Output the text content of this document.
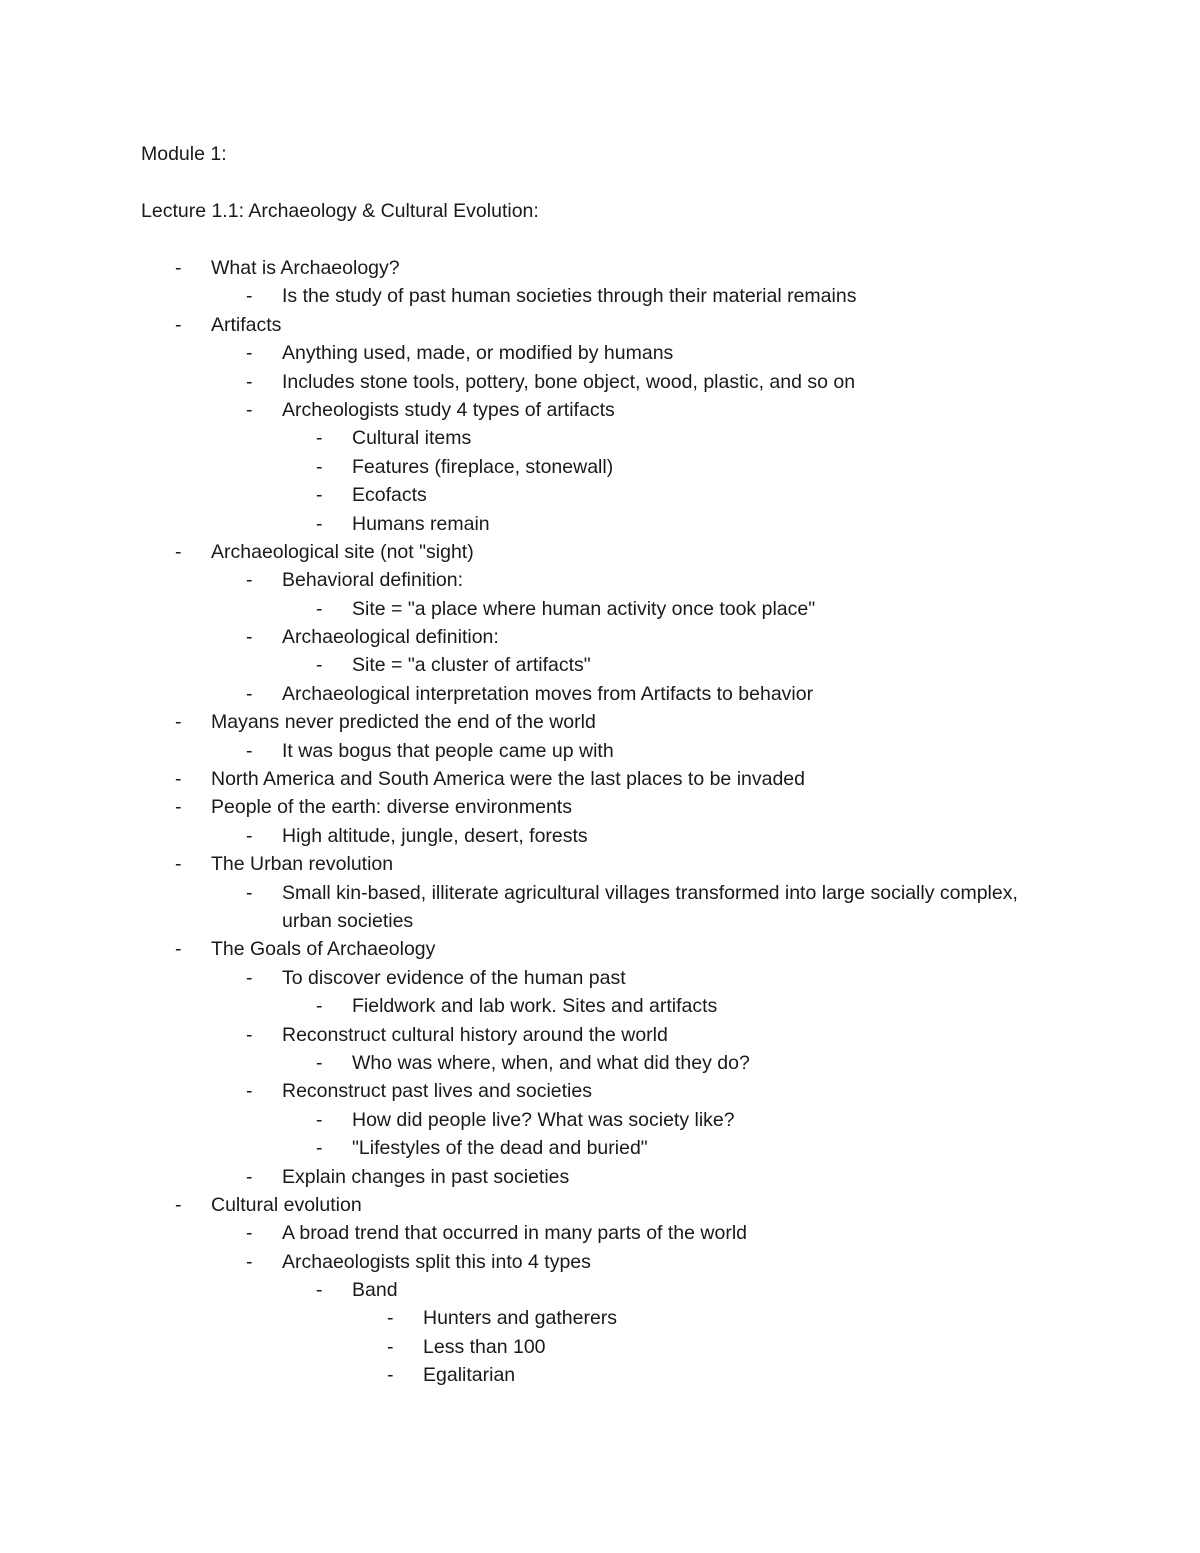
Module 1:
Lecture 1.1: Archaeology & Cultural Evolution:
- What is Archaeology?
- Is the study of past human societies through their material remains
- Artifacts
- Anything used, made, or modified by humans
- Includes stone tools, pottery, bone object, wood, plastic, and so on
- Archeologists study 4 types of artifacts
- Cultural items
- Features (fireplace, stonewall)
- Ecofacts
- Humans remain
- Archaeological site (not "sight)
- Behavioral definition:
- Site = "a place where human activity once took place"
- Archaeological definition:
- Site = "a cluster of artifacts"
- Archaeological interpretation moves from Artifacts to behavior
- Mayans never predicted the end of the world
- It was bogus that people came up with
- North America and South America were the last places to be invaded
- People of the earth: diverse environments
- High altitude, jungle, desert, forests
- The Urban revolution
- Small kin-based, illiterate agricultural villages transformed into large socially complex, urban societies
- The Goals of Archaeology
- To discover evidence of the human past
- Fieldwork and lab work. Sites and artifacts
- Reconstruct cultural history around the world
- Who was where, when, and what did they do?
- Reconstruct past lives and societies
- How did people live? What was society like?
- "Lifestyles of the dead and buried"
- Explain changes in past societies
- Cultural evolution
- A broad trend that occurred in many parts of the world
- Archaeologists split this into 4 types
- Band
- Hunters and gatherers
- Less than 100
- Egalitarian
